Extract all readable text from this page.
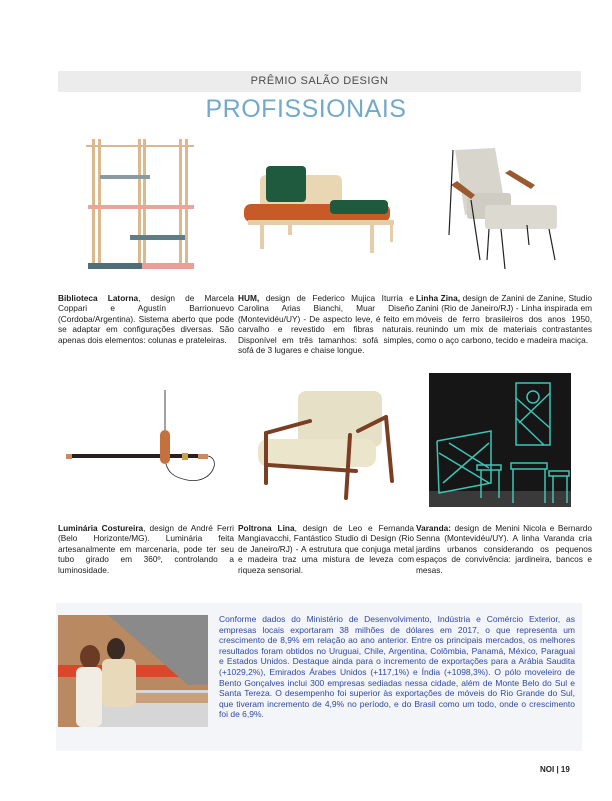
PRÊMIO SALÃO DESIGN
PROFISSIONAIS
Biblioteca Latorna, design de Marcela Coppari e Agustín Barrionuevo (Cordoba/Argentina). Sistema aberto que pode se adaptar em configurações diversas. São apenas dois elementos: colunas e prateleiras.
HUM, design de Federico Mujica Iturria e Carolina Arias Bianchi, Muar Diseño (Montevidéu/UY) - De aspecto leve, é feito em carvalho e revestido em fibras naturais. Disponível em três tamanhos: sofá simples, sofá de 3 lugares e chaise longue.
Linha Zina, design de Zanini de Zanine, Studio Zanini (Rio de Janeiro/RJ) - Linha inspirada em móveis de ferro brasileiros dos anos 1950, reunindo um mix de materiais contrastantes como o aço carbono, tecido e madeira maciça.
Luminária Costureira, design de André Ferri (Belo Horizonte/MG). Luminária feita artesanalmente em marcenaria, pode ter seu tubo girado em 360º, controlando a luminosidade.
Poltrona Lina, design de Leo e Fernanda Mangiavacchi, Fantástico Studio di Design (Rio de Janeiro/RJ) - A estrutura que conjuga metal e madeira traz uma mistura de leveza com riqueza sensorial.
Varanda: design de Menini Nicola e Bernardo Senna (Montevidéu/UY). A linha Varanda cria jardins urbanos considerando os pequenos espaços de convivência: jardineira, bancos e mesas.
Conforme dados do Ministério de Desenvolvimento, Indústria e Comércio Exterior, as empresas locais exportaram 38 milhões de dólares em 2017, o que representa um crescimento de 8,9% em relação ao ano anterior. Entre os principais mercados, os melhores resultados foram obtidos no Uruguai, Chile, Argentina, Colômbia, Panamá, México, Paraguai e Estados Unidos. Destaque ainda para o incremento de exportações para a Arábia Saudita (+1029,2%), Emirados Árabes Unidos (+117,1%) e Índia (+1098,3%). O pólo moveleiro de Bento Gonçalves inclui 300 empresas sediadas nessa cidade, além de Monte Belo do Sul e Santa Tereza. O desempenho foi superior às exportações de móveis do Rio Grande do Sul, que tiveram incremento de 4,9% no período, e do Brasil como um todo, onde o crescimento foi de 6,9%.
NOI | 19
